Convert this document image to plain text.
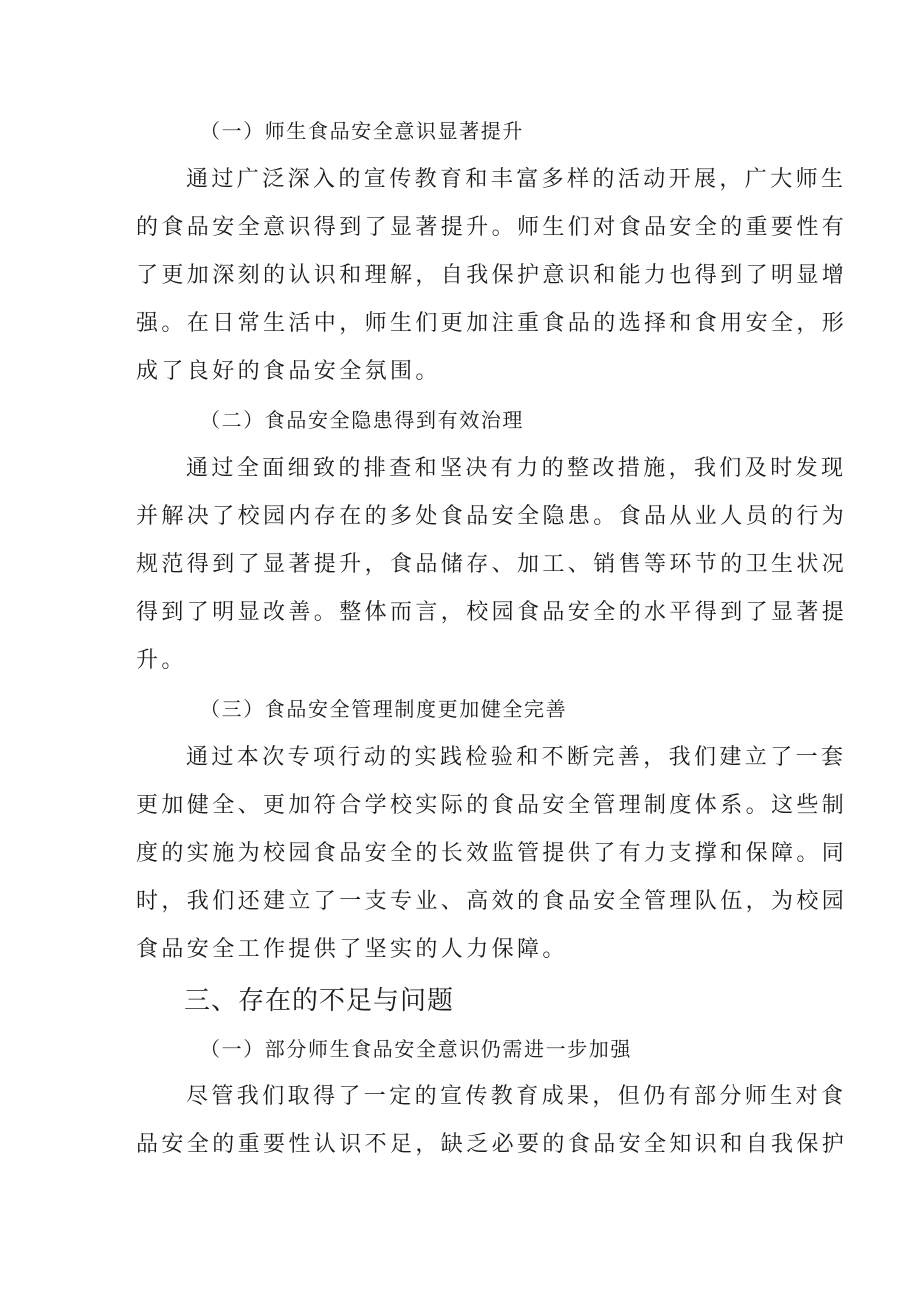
（一）师生食品安全意识显著提升
通过广泛深入的宣传教育和丰富多样的活动开展，广大师生
的食品安全意识得到了显著提升。师生们对食品安全的重要性有
了更加深刻的认识和理解，自我保护意识和能力也得到了明显增
强。在日常生活中，师生们更加注重食品的选择和食用安全，形
成了良好的食品安全氛围。
（二）食品安全隐患得到有效治理
通过全面细致的排查和坚决有力的整改措施，我们及时发现
并解决了校园内存在的多处食品安全隐患。食品从业人员的行为
规范得到了显著提升，食品储存、加工、销售等环节的卫生状况
得到了明显改善。整体而言，校园食品安全的水平得到了显著提
升。
（三）食品安全管理制度更加健全完善
通过本次专项行动的实践检验和不断完善，我们建立了一套
更加健全、更加符合学校实际的食品安全管理制度体系。这些制
度的实施为校园食品安全的长效监管提供了有力支撑和保障。同
时，我们还建立了一支专业、高效的食品安全管理队伍，为校园
食品安全工作提供了坚实的人力保障。
三、存在的不足与问题
（一）部分师生食品安全意识仍需进一步加强
尽管我们取得了一定的宣传教育成果，但仍有部分师生对食
品安全的重要性认识不足，缺乏必要的食品安全知识和自我保护
